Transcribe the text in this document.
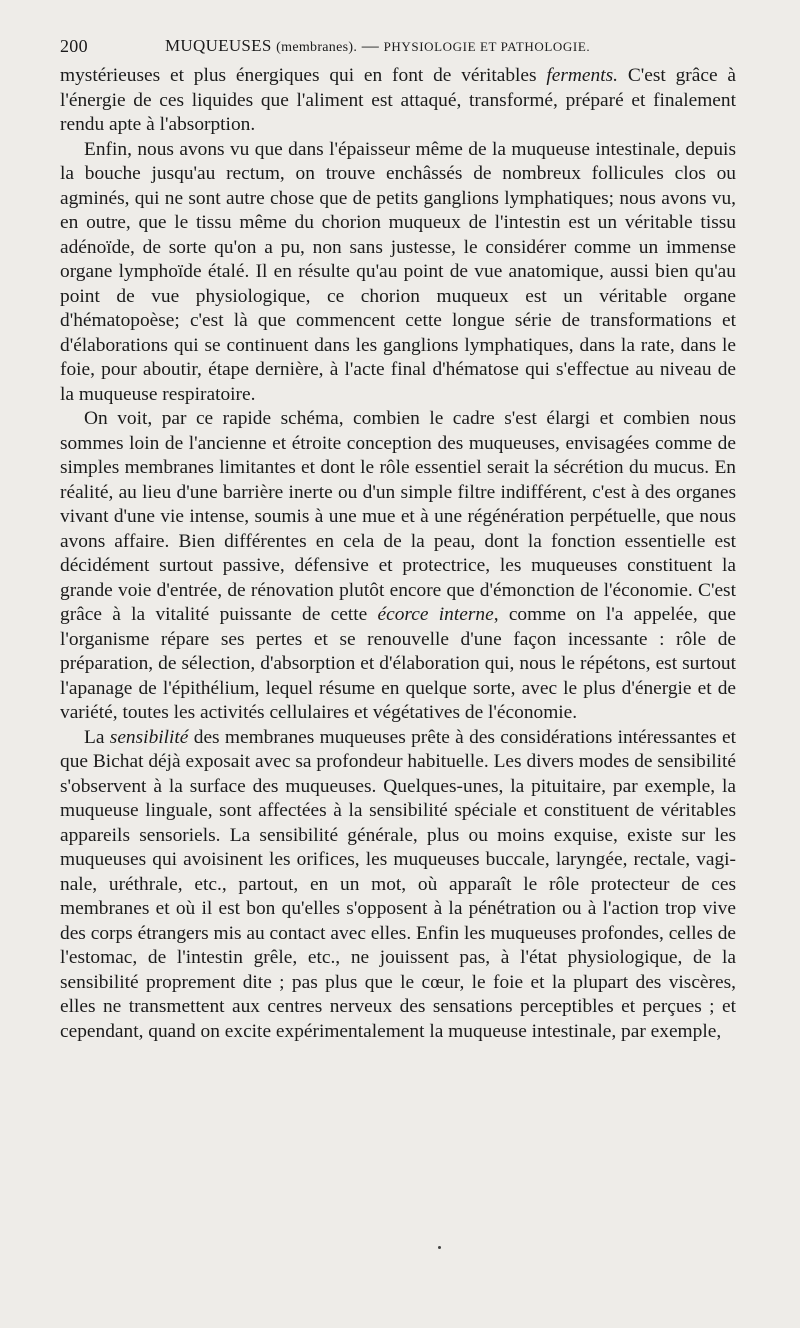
200	MUQUEUSES (membranes). — PHYSIOLOGIE ET PATHOLOGIE.

mystérieuses et plus énergiques qui en font de véritables ferments. C'est grâce à l'énergie de ces liquides que l'aliment est attaqué, transformé, préparé et finalement rendu apte à l'absorption.

Enfin, nous avons vu que dans l'épaisseur même de la muqueuse intestinale, depuis la bouche jusqu'au rectum, on trouve enchâssés de nombreux follicules clos ou agminés, qui ne sont autre chose que de petits ganglions lymphatiques; nous avons vu, en outre, que le tissu même du chorion muqueux de l'intestin est un véritable tissu adénoïde, de sorte qu'on a pu, non sans justesse, le considérer comme un immense organe lymphoïde étalé. Il en résulte qu'au point de vue anatomique, aussi bien qu'au point de vue physiologique, ce chorion muqueux est un véritable organe d'hématopoèse; c'est là que commencent cette longue série de transformations et d'élaborations qui se continuent dans les ganglions lymphatiques, dans la rate, dans le foie, pour aboutir, étape dernière, à l'acte final d'hématose qui s'effectue au niveau de la muqueuse respiratoire.

On voit, par ce rapide schéma, combien le cadre s'est élargi et combien nous sommes loin de l'ancienne et étroite conception des muqueuses, envisagées comme de simples membranes limitantes et dont le rôle essentiel serait la sécrétion du mucus. En réalité, au lieu d'une barrière inerte ou d'un simple filtre indifférent, c'est à des organes vivant d'une vie intense, soumis à une mue et à une régénération perpétuelle, que nous avons affaire. Bien différentes en cela de la peau, dont la fonction essentielle est décidément surtout passive, défensive et protectrice, les muqueuses constituent la grande voie d'entrée, de rénovation plutôt encore que d'émonction de l'économie. C'est grâce à la vitalité puissante de cette écorce interne, comme on l'a appelée, que l'organisme répare ses pertes et se renouvelle d'une façon incessante : rôle de préparation, de sélection, d'absorption et d'élaboration qui, nous le répétons, est surtout l'apanage de l'épithélium, lequel résume en quelque sorte, avec le plus d'énergie et de variété, toutes les activités cellulaires et végétatives de l'économie.

La sensibilité des membranes muqueuses prête à des considérations intéressantes et que Bichat déjà exposait avec sa profondeur habituelle. Les divers modes de sensibilité s'observent à la surface des muqueuses. Quelques-unes, la pituitaire, par exemple, la muqueuse linguale, sont affectées à la sensibilité spéciale et constituent de véritables appareils sensoriels. La sensibilité générale, plus ou moins exquise, existe sur les muqueuses qui avoisinent les orifices, les muqueuses buccale, laryngée, rectale, vaginale, uréthrale, etc., partout, en un mot, où apparaît le rôle protecteur de ces membranes et où il est bon qu'elles s'opposent à la pénétration ou à l'action trop vive des corps étrangers mis au contact avec elles. Enfin les muqueuses profondes, celles de l'estomac, de l'intestin grêle, etc., ne jouissent pas, à l'état physiologique, de la sensibilité proprement dite ; pas plus que le cœur, le foie et la plupart des viscères, elles ne transmettent aux centres nerveux des sensations perceptibles et perçues ; et cependant, quand on excite expérimentalement la muqueuse intestinale, par exemple,
